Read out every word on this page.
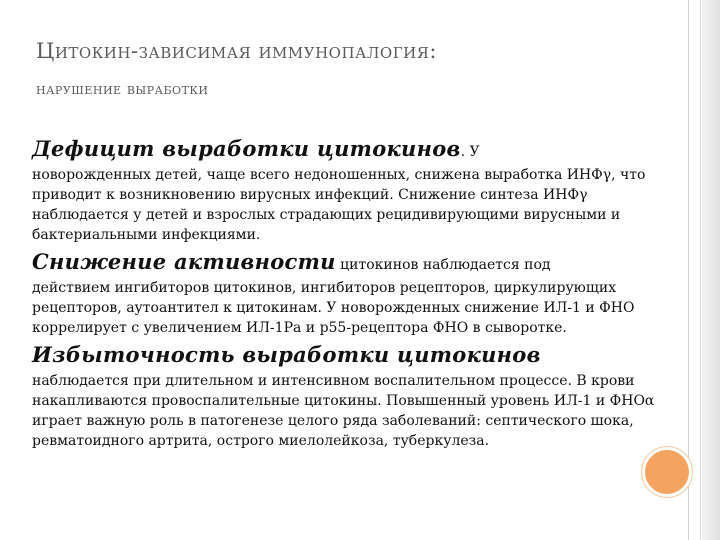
Цитокин-зависимая иммунопалогия:
нарушение выработки
Дефицит выработки цитокинов. У

новорожденных детей, чаще всего недоношенных, снижена выработка ИНФγ, что приводит к возникновению вирусных инфекций. Снижение синтеза ИНФγ наблюдается у детей и взрослых страдающих рецидивирующими вирусными и бактериальными инфекциями.

Снижение активности цитокинов наблюдается под

действием ингибиторов цитокинов, ингибиторов рецепторов, циркулирующих рецепторов, аутоантител к цитокинам. У новорожденных снижение ИЛ-1 и ФНО коррелирует с увеличением ИЛ-1Ра и р55-рецептора ФНО в сыворотке.

Избыточность выработки цитокинов

наблюдается при длительном и интенсивном воспалительном процессе. В крови накапливаются провоспалительные цитокины. Повышенный уровень ИЛ-1 и ФНОα играет важную роль в патогенезе целого ряда заболеваний: септического шока, ревматоидного артрита, острого миелолейкоза, туберкулеза.
